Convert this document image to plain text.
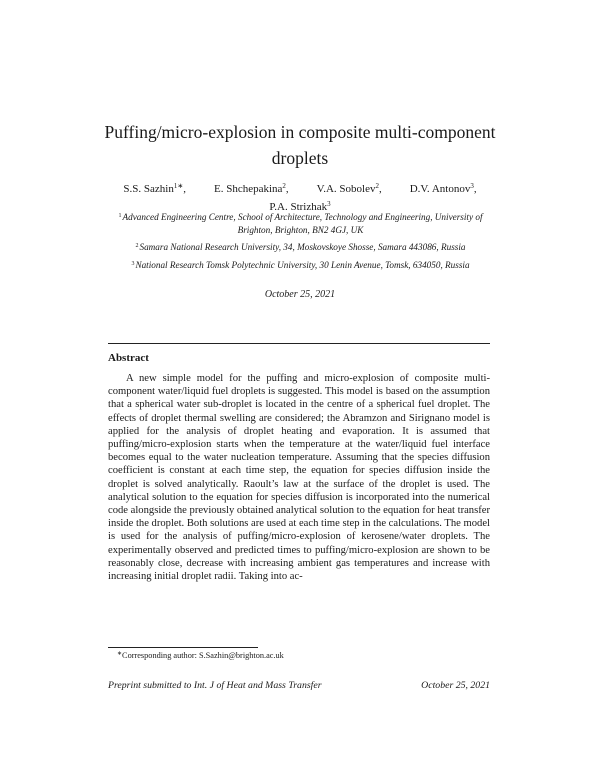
Puffing/micro-explosion in composite multi-component droplets
S.S. Sazhin$^{1∗}$,	E. Shchepakina$^2$,	V.A. Sobolev$^2$,	D.V. Antonov$^3$,
P.A. Strizhak$^3$
$^1$Advanced Engineering Centre, School of Architecture, Technology and Engineering, University of Brighton, Brighton, BN2 4GJ, UK
$^2$Samara National Research University, 34, Moskovskoye Shosse, Samara 443086, Russia
$^3$National Research Tomsk Polytechnic University, 30 Lenin Avenue, Tomsk, 634050, Russia
October 25, 2021
Abstract

A new simple model for the puffing and micro-explosion of composite multi-component water/liquid fuel droplets is suggested. This model is based on the assumption that a spherical water sub-droplet is located in the centre of a spherical fuel droplet. The effects of droplet thermal swelling are considered; the Abramzon and Sirignano model is applied for the analysis of droplet heating and evaporation. It is assumed that puffing/micro-explosion starts when the temperature at the water/liquid fuel interface becomes equal to the water nucleation temperature. Assuming that the species diffusion coefficient is constant at each time step, the equation for species diffusion inside the droplet is solved analytically. Raoult’s law at the surface of the droplet is used. The analytical solution to the equation for species diffusion is incorporated into the numerical code alongside the previously obtained analytical solution to the equation for heat transfer inside the droplet. Both solutions are used at each time step in the calculations. The model is used for the analysis of puffing/micro-explosion of kerosene/water droplets. The experimentally observed and predicted times to puffing/micro-explosion are shown to be reasonably close, decrease with increasing ambient gas temperatures and increase with increasing initial droplet radii. Taking into ac-

∗Corresponding author: S.Sazhin@brighton.ac.uk
Preprint submitted to Int. J of Heat and Mass Transfer	October 25, 2021
